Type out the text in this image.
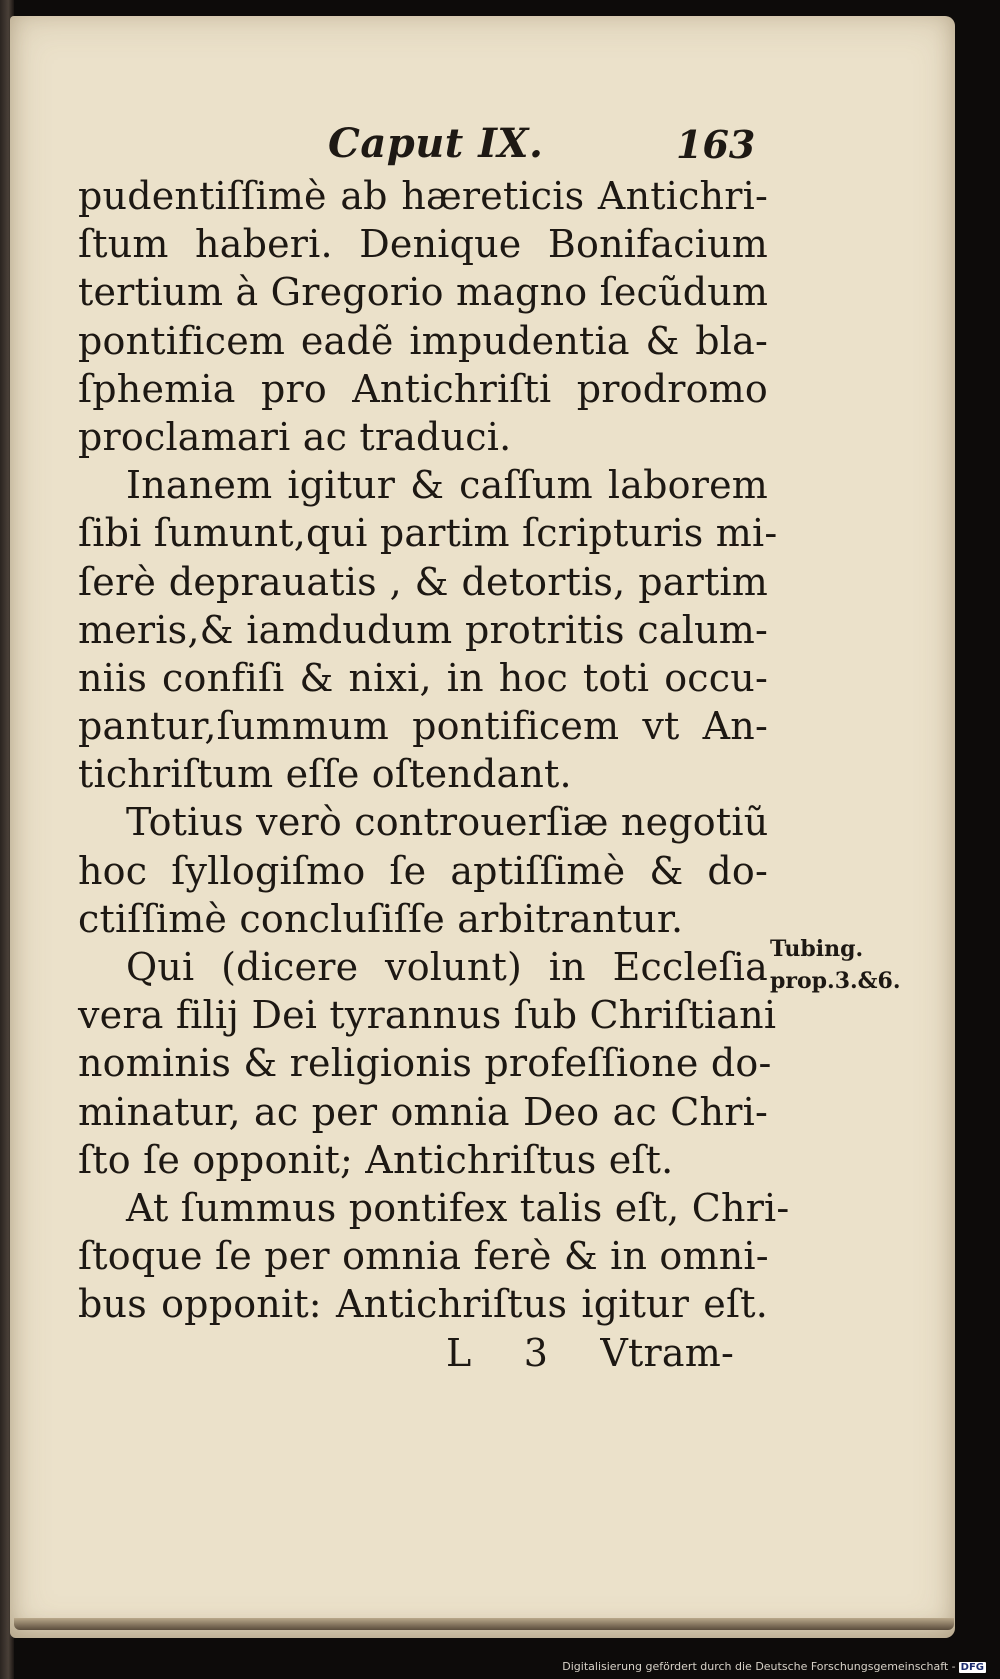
Caput IX.	163
pudentiſſimè ab hæreticis Antichri-
ſtum haberi. Denique Bonifacium
tertium à Gregorio magno ſecũdum
pontificem eadẽ impudentia & bla-
ſphemia pro Antichriſti prodromo
proclamari ac traduci.
Inanem igitur & caſſum laborem
ſibi ſumunt,qui partim ſcripturis mi-
ſerè deprauatis , & detortis, partim
meris,& iamdudum protritis calum-
niis confiſi & nixi, in hoc toti occu-
pantur,ſummum pontificem vt An-
tichriſtum eſſe oſtendant.
Totius verò controuerſiæ negotiũ
hoc ſyllogiſmo ſe aptiſſimè & do-
ctiſſimè concluſiſſe arbitrantur.
Qui (dicere volunt) in Eccleſia
vera filij Dei tyrannus ſub Chriſtiani
nominis & religionis profeſſione do-
minatur, ac per omnia Deo ac Chri-
ſto ſe opponit; Antichriſtus eſt.
At ſummus pontifex talis eſt, Chri-
ſtoque ſe per omnia ferè & in omni-
bus opponit: Antichriſtus igitur eſt.
L 3 Vtram-
Tubing.
prop.3.&6.
Digitalisierung gefördert durch die Deutsche Forschungsgemeinschaft - DFG
